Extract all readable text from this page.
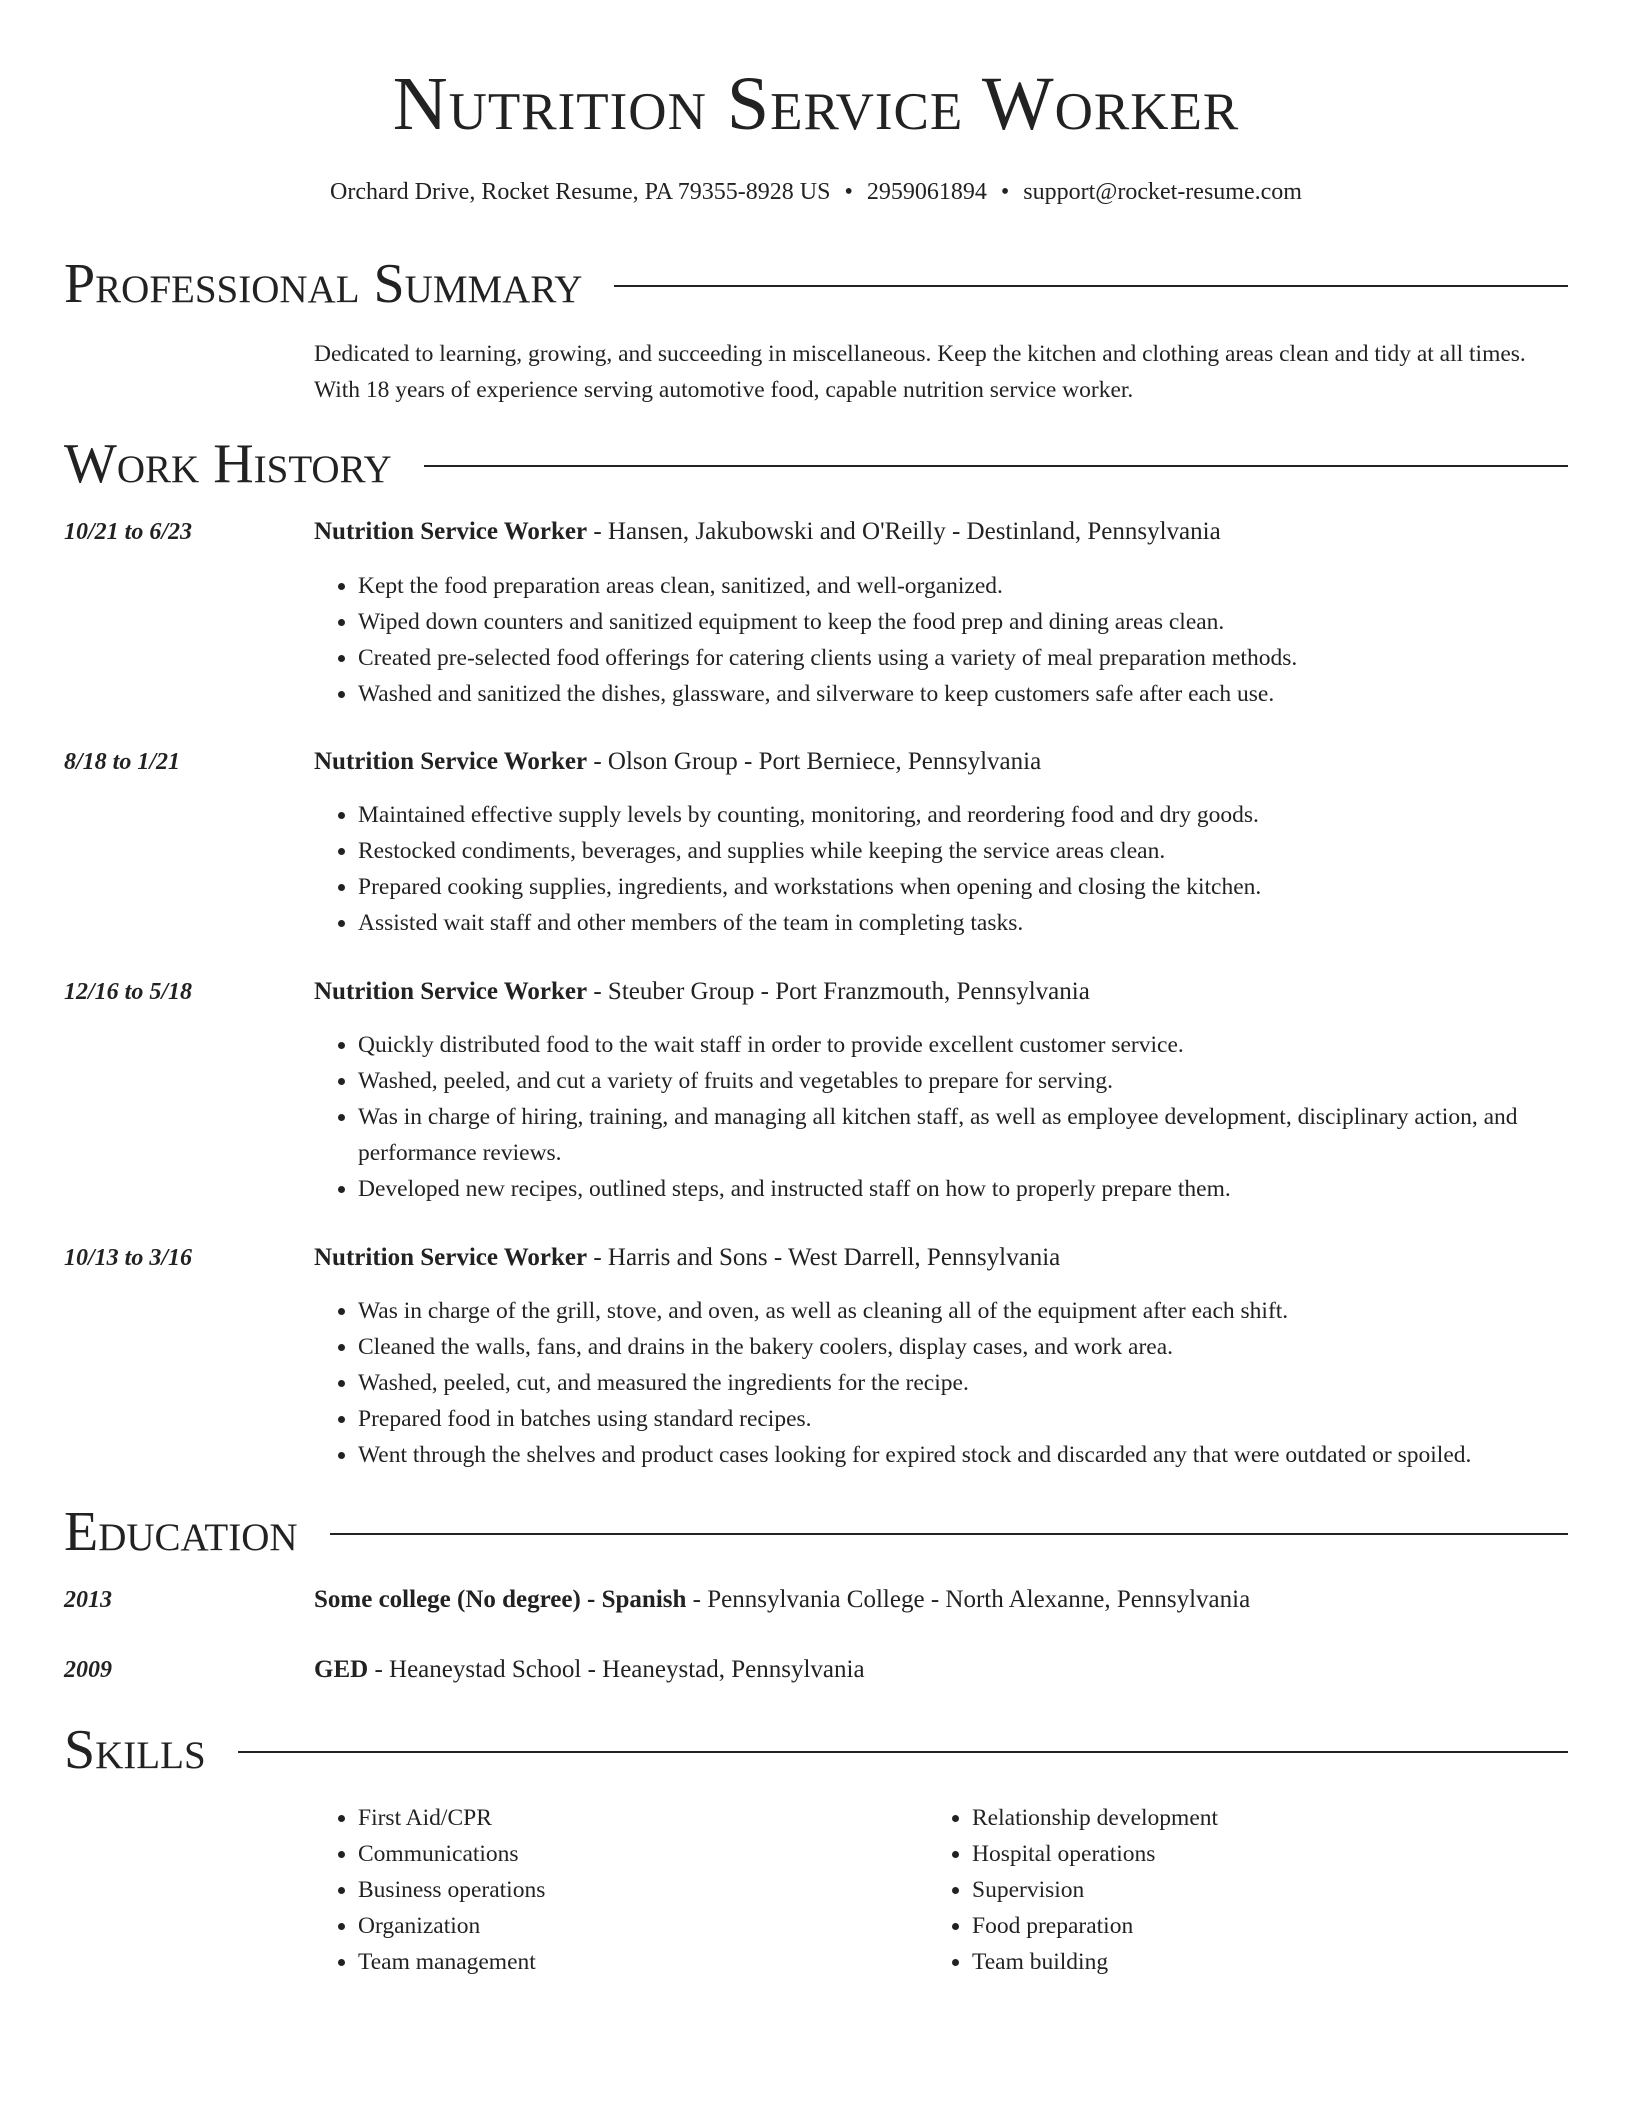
Nutrition Service Worker
Orchard Drive, Rocket Resume, PA 79355-8928 US • 2959061894 • support@rocket-resume.com
Professional Summary
Dedicated to learning, growing, and succeeding in miscellaneous. Keep the kitchen and clothing areas clean and tidy at all times. With 18 years of experience serving automotive food, capable nutrition service worker.
Work History
10/21 to 6/23	Nutrition Service Worker - Hansen, Jakubowski and O'Reilly - Destinland, Pennsylvania
• Kept the food preparation areas clean, sanitized, and well-organized.
• Wiped down counters and sanitized equipment to keep the food prep and dining areas clean.
• Created pre-selected food offerings for catering clients using a variety of meal preparation methods.
• Washed and sanitized the dishes, glassware, and silverware to keep customers safe after each use.
8/18 to 1/21	Nutrition Service Worker - Olson Group - Port Berniece, Pennsylvania
• Maintained effective supply levels by counting, monitoring, and reordering food and dry goods.
• Restocked condiments, beverages, and supplies while keeping the service areas clean.
• Prepared cooking supplies, ingredients, and workstations when opening and closing the kitchen.
• Assisted wait staff and other members of the team in completing tasks.
12/16 to 5/18	Nutrition Service Worker - Steuber Group - Port Franzmouth, Pennsylvania
• Quickly distributed food to the wait staff in order to provide excellent customer service.
• Washed, peeled, and cut a variety of fruits and vegetables to prepare for serving.
• Was in charge of hiring, training, and managing all kitchen staff, as well as employee development, disciplinary action, and performance reviews.
• Developed new recipes, outlined steps, and instructed staff on how to properly prepare them.
10/13 to 3/16	Nutrition Service Worker - Harris and Sons - West Darrell, Pennsylvania
• Was in charge of the grill, stove, and oven, as well as cleaning all of the equipment after each shift.
• Cleaned the walls, fans, and drains in the bakery coolers, display cases, and work area.
• Washed, peeled, cut, and measured the ingredients for the recipe.
• Prepared food in batches using standard recipes.
• Went through the shelves and product cases looking for expired stock and discarded any that were outdated or spoiled.
Education
2013	Some college (No degree) - Spanish - Pennsylvania College - North Alexanne, Pennsylvania
2009	GED - Heaneystad School - Heaneystad, Pennsylvania
Skills
• First Aid/CPR
• Communications
• Business operations
• Organization
• Team management
• Relationship development
• Hospital operations
• Supervision
• Food preparation
• Team building
